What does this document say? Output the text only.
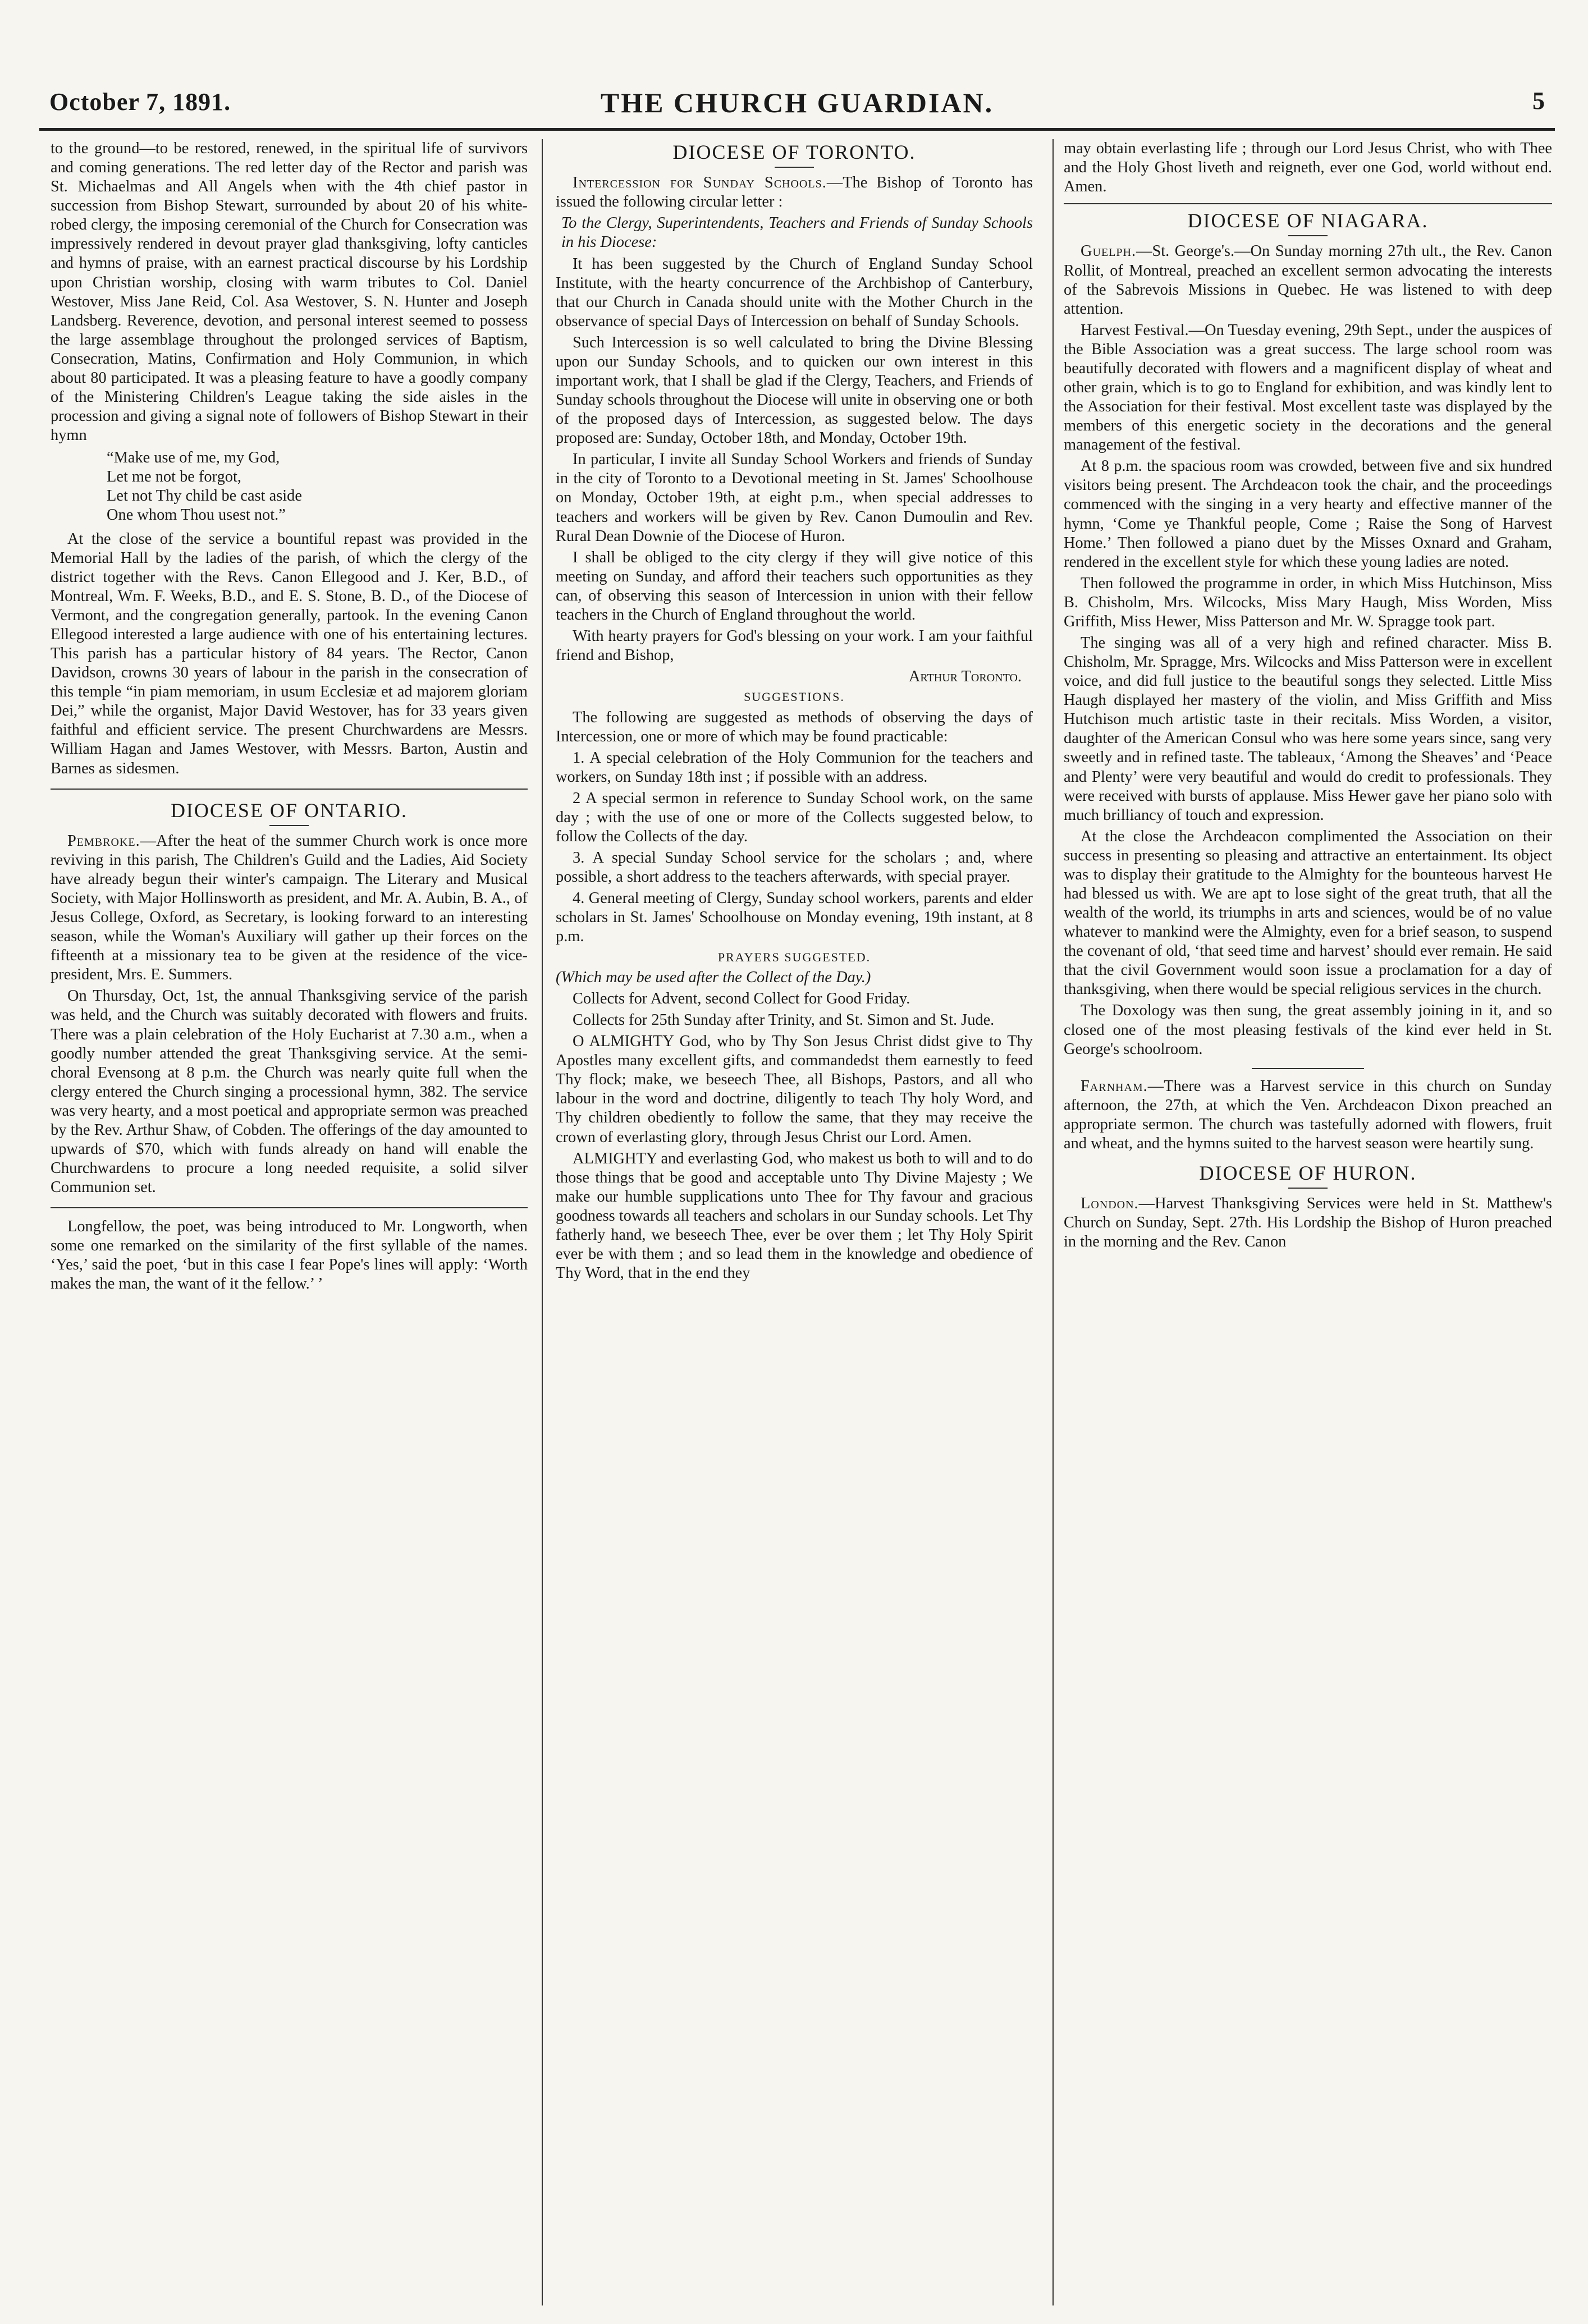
October 7, 1891.	THE CHURCH GUARDIAN.	5

to the ground—to be restored, renewed, in the spiritual life of survivors and coming generations. The red letter day of the Rector and parish was St. Michaelmas and All Angels when with the 4th chief pastor in succession from Bishop Stewart, surrounded by about 20 of his white-robed clergy, the imposing ceremonial of the Church for Consecration was impressively rendered in devout prayer glad thanksgiving, lofty canticles and hymns of praise, with an earnest practical discourse by his Lordship upon Christian worship, closing with warm tributes to Col. Daniel Westover, Miss Jane Reid, Col. Asa Westover, S. N. Hunter and Joseph Landsberg. Reverence, devotion, and personal interest seemed to possess the large assemblage throughout the prolonged services of Baptism, Consecration, Matins, Confirmation and Holy Communion, in which about 80 participated. It was a pleasing feature to have a goodly company of the Ministering Children's League taking the side aisles in the procession and giving a signal note of followers of Bishop Stewart in their hymn

“Make use of me, my God,
Let me not be forgot,
Let not Thy child be cast aside
One whom Thou usest not.”

At the close of the service a bountiful repast was provided in the Memorial Hall by the ladies of the parish, of which the clergy of the district together with the Revs. Canon Ellegood and J. Ker, B.D., of Montreal, Wm. F. Weeks, B.D., and E. S. Stone, B. D., of the Diocese of Vermont, and the congregation generally, partook. In the evening Canon Ellegood interested a large audience with one of his entertaining lectures. This parish has a particular history of 84 years. The Rector, Canon Davidson, crowns 30 years of labour in the parish in the consecration of this temple “in piam memoriam, in usum Ecclesiæ et ad majorem gloriam Dei,” while the organist, Major David Westover, has for 33 years given faithful and efficient service. The present Churchwardens are Messrs. William Hagan and James Westover, with Messrs. Barton, Austin and Barnes as sidesmen.

DIOCESE OF ONTARIO.

Pembroke.—After the heat of the summer Church work is once more reviving in this parish, The Children's Guild and the Ladies, Aid Society have already begun their winter's campaign. The Literary and Musical Society, with Major Hollinsworth as president, and Mr. A. Aubin, B. A., of Jesus College, Oxford, as Secretary, is looking forward to an interesting season, while the Woman's Auxiliary will gather up their forces on the fifteenth at a missionary tea to be given at the residence of the vice-president, Mrs. E. Summers.

On Thursday, Oct, 1st, the annual Thanksgiving service of the parish was held, and the Church was suitably decorated with flowers and fruits. There was a plain celebration of the Holy Eucharist at 7.30 a.m., when a goodly number attended the great Thanksgiving service. At the semi-choral Evensong at 8 p.m. the Church was nearly quite full when the clergy entered the Church singing a processional hymn, 382. The service was very hearty, and a most poetical and appropriate sermon was preached by the Rev. Arthur Shaw, of Cobden. The offerings of the day amounted to upwards of $70, which with funds already on hand will enable the Churchwardens to procure a long needed requisite, a solid silver Communion set.

Longfellow, the poet, was being introduced to Mr. Longworth, when some one remarked on the similarity of the first syllable of the names. ‘Yes,’ said the poet, ‘but in this case I fear Pope's lines will apply: ‘Worth makes the man, the want of it the fellow.’ ’

DIOCESE OF TORONTO.

Intercession for Sunday Schools.—The Bishop of Toronto has issued the following circular letter :

To the Clergy, Superintendents, Teachers and Friends of Sunday Schools in his Diocese:

It has been suggested by the Church of England Sunday School Institute, with the hearty concurrence of the Archbishop of Canterbury, that our Church in Canada should unite with the Mother Church in the observance of special Days of Intercession on behalf of Sunday Schools.

Such Intercession is so well calculated to bring the Divine Blessing upon our Sunday Schools, and to quicken our own interest in this important work, that I shall be glad if the Clergy, Teachers, and Friends of Sunday schools throughout the Diocese will unite in observing one or both of the proposed days of Intercession, as suggested below. The days proposed are: Sunday, October 18th, and Monday, October 19th.

In particular, I invite all Sunday School Workers and friends of Sunday in the city of Toronto to a Devotional meeting in St. James' Schoolhouse on Monday, October 19th, at eight p.m., when special addresses to teachers and workers will be given by Rev. Canon Dumoulin and Rev. Rural Dean Downie of the Diocese of Huron.

I shall be obliged to the city clergy if they will give notice of this meeting on Sunday, and afford their teachers such opportunities as they can, of observing this season of Intercession in union with their fellow teachers in the Church of England throughout the world.

With hearty prayers for God's blessing on your work. I am your faithful friend and Bishop,

Arthur Toronto.
SUGGESTIONS.

The following are suggested as methods of observing the days of Intercession, one or more of which may be found practicable:

1. A special celebration of the Holy Communion for the teachers and workers, on Sunday 18th inst ; if possible with an address.

2 A special sermon in reference to Sunday School work, on the same day ; with the use of one or more of the Collects suggested below, to follow the Collects of the day.

3. A special Sunday School service for the scholars ; and, where possible, a short address to the teachers afterwards, with special prayer.

4. General meeting of Clergy, Sunday school workers, parents and elder scholars in St. James' Schoolhouse on Monday evening, 19th instant, at 8 p.m.

PRAYERS SUGGESTED.

(Which may be used after the Collect of the Day.)

Collects for Advent, second Collect for Good Friday.

Collects for 25th Sunday after Trinity, and St. Simon and St. Jude.

O ALMIGHTY God, who by Thy Son Jesus Christ didst give to Thy Apostles many excellent gifts, and commandedst them earnestly to feed Thy flock; make, we beseech Thee, all Bishops, Pastors, and all who labour in the word and doctrine, diligently to teach Thy holy Word, and Thy children obediently to follow the same, that they may receive the crown of everlasting glory, through Jesus Christ our Lord. Amen.

ALMIGHTY and everlasting God, who makest us both to will and to do those things that be good and acceptable unto Thy Divine Majesty ; We make our humble supplications unto Thee for Thy favour and gracious goodness towards all teachers and scholars in our Sunday schools. Let Thy fatherly hand, we beseech Thee, ever be over them ; let Thy Holy Spirit ever be with them ; and so lead them in the knowledge and obedience of Thy Word, that in the end they

may obtain everlasting life ; through our Lord Jesus Christ, who with Thee and the Holy Ghost liveth and reigneth, ever one God, world without end. Amen.

DIOCESE OF NIAGARA.

Guelph.—St. George's.—On Sunday morning 27th ult., the Rev. Canon Rollit, of Montreal, preached an excellent sermon advocating the interests of the Sabrevois Missions in Quebec. He was listened to with deep attention.

Harvest Festival.—On Tuesday evening, 29th Sept., under the auspices of the Bible Association was a great success. The large school room was beautifully decorated with flowers and a magnificent display of wheat and other grain, which is to go to England for exhibition, and was kindly lent to the Association for their festival. Most excellent taste was displayed by the members of this energetic society in the decorations and the general management of the festival.

At 8 p.m. the spacious room was crowded, between five and six hundred visitors being present. The Archdeacon took the chair, and the proceedings commenced with the singing in a very hearty and effective manner of the hymn, ‘Come ye Thankful people, Come ; Raise the Song of Harvest Home.’ Then followed a piano duet by the Misses Oxnard and Graham, rendered in the excellent style for which these young ladies are noted.

Then followed the programme in order, in which Miss Hutchinson, Miss B. Chisholm, Mrs. Wilcocks, Miss Mary Haugh, Miss Worden, Miss Griffith, Miss Hewer, Miss Patterson and Mr. W. Spragge took part.

The singing was all of a very high and refined character. Miss B. Chisholm, Mr. Spragge, Mrs. Wilcocks and Miss Patterson were in excellent voice, and did full justice to the beautiful songs they selected. Little Miss Haugh displayed her mastery of the violin, and Miss Griffith and Miss Hutchison much artistic taste in their recitals. Miss Worden, a visitor, daughter of the American Consul who was here some years since, sang very sweetly and in refined taste. The tableaux, ‘Among the Sheaves’ and ‘Peace and Plenty’ were very beautiful and would do credit to professionals. They were received with bursts of applause. Miss Hewer gave her piano solo with much brilliancy of touch and expression.

At the close the Archdeacon complimented the Association on their success in presenting so pleasing and attractive an entertainment. Its object was to display their gratitude to the Almighty for the bounteous harvest He had blessed us with. We are apt to lose sight of the great truth, that all the wealth of the world, its triumphs in arts and sciences, would be of no value whatever to mankind were the Almighty, even for a brief season, to suspend the covenant of old, ‘that seed time and harvest’ should ever remain. He said that the civil Government would soon issue a proclamation for a day of thanksgiving, when there would be special religious services in the church.

The Doxology was then sung, the great assembly joining in it, and so closed one of the most pleasing festivals of the kind ever held in St. George's schoolroom.

Farnham.—There was a Harvest service in this church on Sunday afternoon, the 27th, at which the Ven. Archdeacon Dixon preached an appropriate sermon. The church was tastefully adorned with flowers, fruit and wheat, and the hymns suited to the harvest season were heartily sung.

DIOCESE OF HURON.

London.—Harvest Thanksgiving Services were held in St. Matthew's Church on Sunday, Sept. 27th. His Lordship the Bishop of Huron preached in the morning and the Rev. Canon
